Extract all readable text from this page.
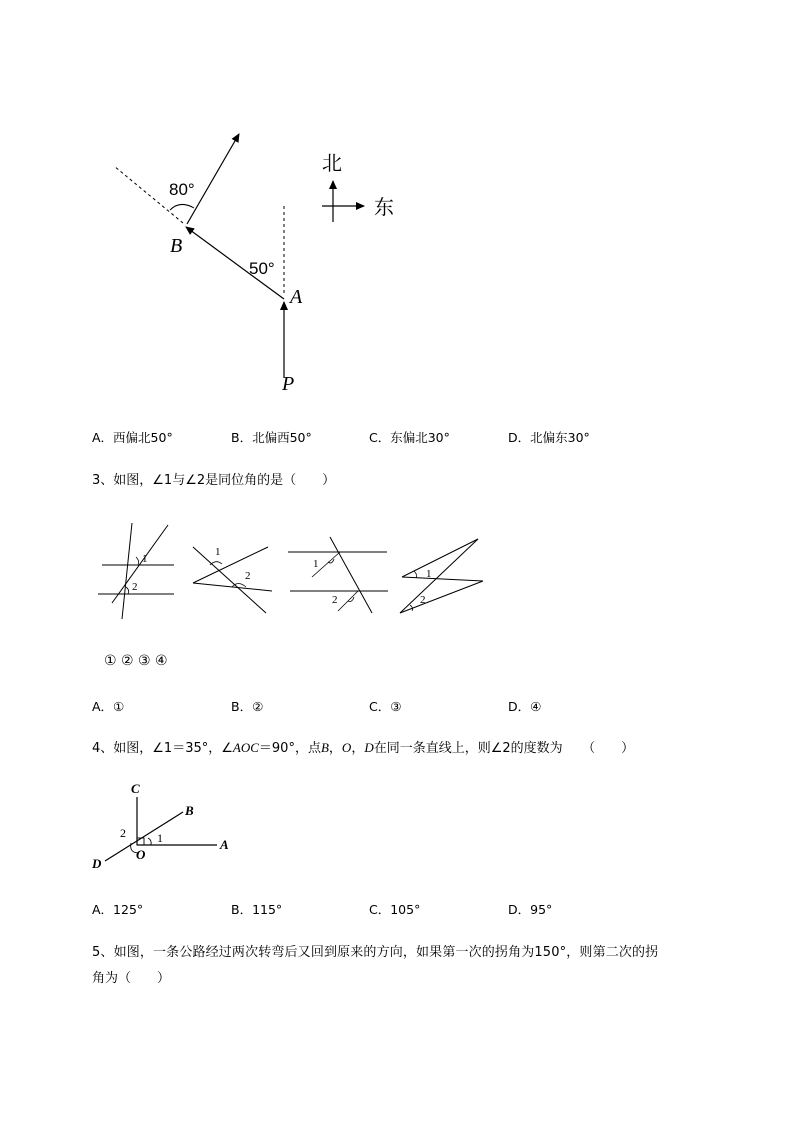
北
东
80°
50°
B
A
P
A．西偏北50°	B．北偏西50°	C．东偏北30°	D．北偏东30°
3、如图，∠1与∠2是同位角的是（　　）
1
2
1
2
1
2
1
2
① ② ③ ④
A．①	B．②	C．③	D．④
4、如图，∠1＝35°，∠AOC＝90°，点B，O，D在同一条直线上，则∠2的度数为　　（　　）
C
B
A
D
O
1
2
A．125°	B．115°	C．105°	D．95°
5、如图，一条公路经过两次转弯后又回到原来的方向，如果第一次的拐角为150°，则第二次的拐
角为（　　）
